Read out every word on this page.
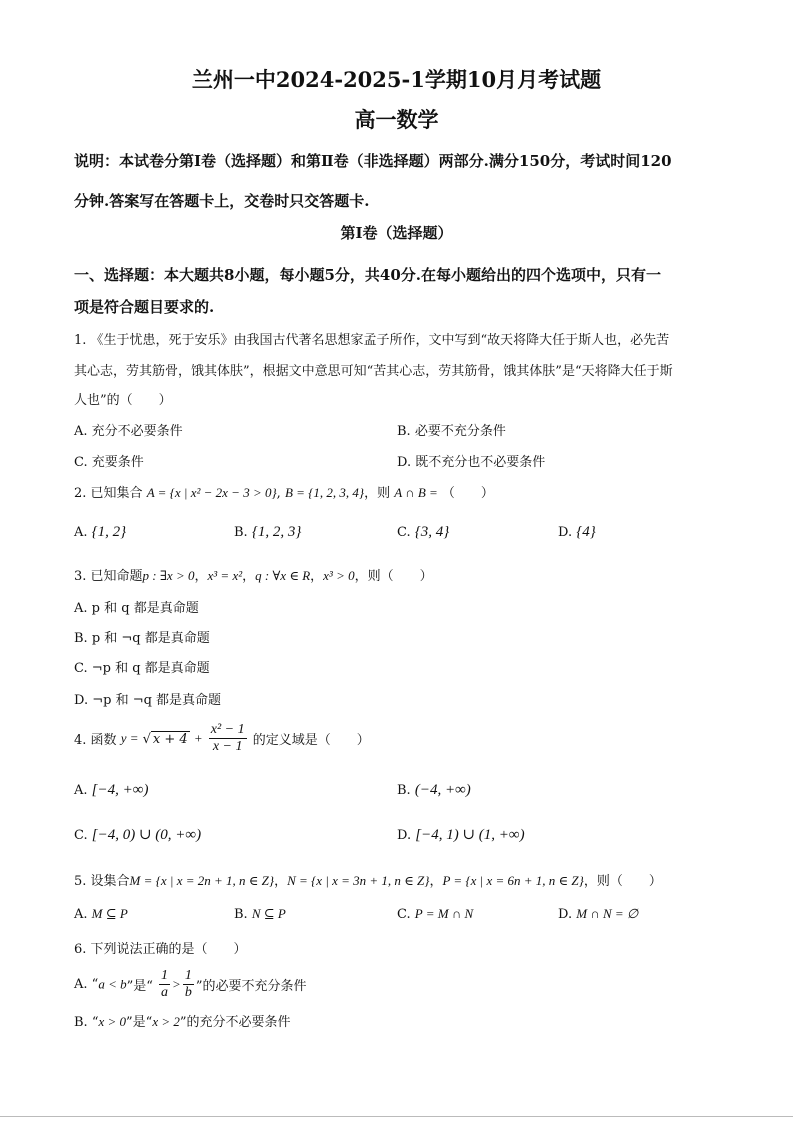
兰州一中2024-2025-1学期10月月考试题
高一数学
说明：本试卷分第Ⅰ卷（选择题）和第Ⅱ卷（非选择题）两部分.满分150分，考试时间120
分钟.答案写在答题卡上，交卷时只交答题卡.
第Ⅰ卷（选择题）
一、选择题：本大题共8小题，每小题5分，共40分.在每小题给出的四个选项中，只有一
项是符合题目要求的.
1. 《生于忧患，死于安乐》由我国古代著名思想家孟子所作，文中写到“故天将降大任于斯人也，必先苦
其心志，劳其筋骨，饿其体肤”，根据文中意思可知“苦其心志，劳其筋骨，饿其体肤”是“天将降大任于斯
人也”的（　　）
A. 充分不必要条件	B. 必要不充分条件
C. 充要条件	D. 既不充分也不必要条件
2. 已知集合 A = {x | x² − 2x − 3 > 0}, B = {1, 2, 3, 4}，则 A ∩ B = （　　）
A. {1, 2}	B. {1, 2, 3}	C. {3, 4}	D. {4}
3. 已知命题p : ∃x > 0，x³ = x²，q : ∀x ∈ R，x³ > 0，则（　　）
A. p 和 q 都是真命题
B. p 和 ¬q 都是真命题
C. ¬p 和 q 都是真命题
D. ¬p 和 ¬q 都是真命题
4. 函数 y = √ $x + 4 + \frac{\text{x² − 1}}{x - 1}$ 的定义域是（　　）
A. [−4, +∞)	B. (−4, +∞)
C. [−4, 0) ∪ (0, +∞)	D. [−4, 1) ∪ (1, +∞)
5. 设集合M = {x | x = 2n + 1, n ∈ Z}，N = {x | x = 3n + 1, n ∈ Z}，P = {x | x = 6n + 1, n ∈ Z}，则（　　）
A. M ⊆ P	B. N ⊆ P	C. P = M ∩ N	D. M ∩ N = ∅
6. 下列说法正确的是（　　）
A. “a < b”是“ $\frac{1}{a} > \frac{1}{b}$ ”的必要不充分条件
B. “x > 0”是“x > 2”的充分不必要条件
